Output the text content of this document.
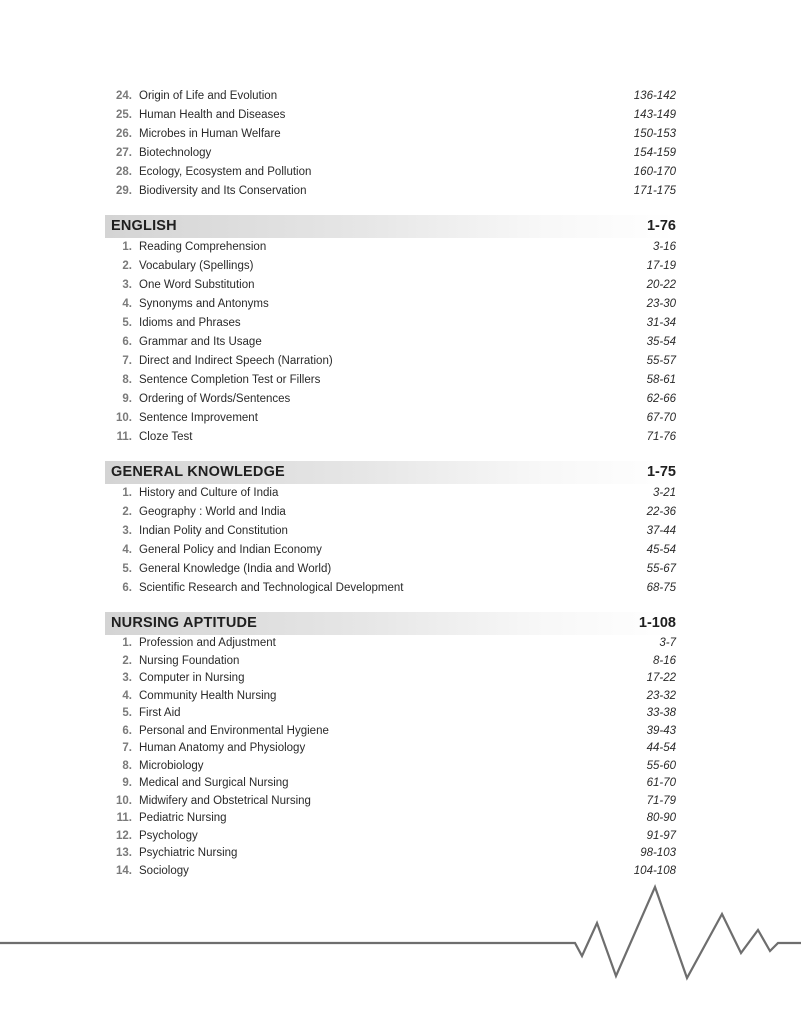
24. Origin of Life and Evolution	136-142
25. Human Health and Diseases	143-149
26. Microbes in Human Welfare	150-153
27. Biotechnology	154-159
28. Ecology, Ecosystem and Pollution	160-170
29. Biodiversity and Its Conservation	171-175
ENGLISH	1-76
1. Reading Comprehension	3-16
2. Vocabulary (Spellings)	17-19
3. One Word Substitution	20-22
4. Synonyms and Antonyms	23-30
5. Idioms and Phrases	31-34
6. Grammar and Its Usage	35-54
7. Direct and Indirect Speech (Narration)	55-57
8. Sentence Completion Test or Fillers	58-61
9. Ordering of Words/Sentences	62-66
10. Sentence Improvement	67-70
11. Cloze Test	71-76
GENERAL KNOWLEDGE	1-75
1. History and Culture of India	3-21
2. Geography : World and India	22-36
3. Indian Polity and Constitution	37-44
4. General Policy and Indian Economy	45-54
5. General Knowledge (India and World)	55-67
6. Scientific Research and Technological Development	68-75
NURSING APTITUDE	1-108
1. Profession and Adjustment	3-7
2. Nursing Foundation	8-16
3. Computer in Nursing	17-22
4. Community Health Nursing	23-32
5. First Aid	33-38
6. Personal and Environmental Hygiene	39-43
7. Human Anatomy and Physiology	44-54
8. Microbiology	55-60
9. Medical and Surgical Nursing	61-70
10. Midwifery and Obstetrical Nursing	71-79
11. Pediatric Nursing	80-90
12. Psychology	91-97
13. Psychiatric Nursing	98-103
14. Sociology	104-108
